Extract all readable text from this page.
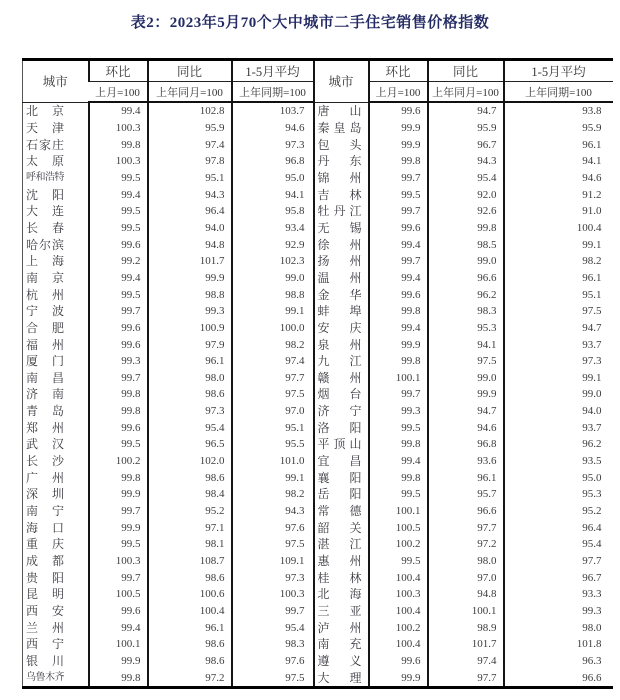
表2：2023年5月70个大中城市二手住宅销售价格指数
城市	环比	同比	1-5月平均	城市	环比	同比	1-5月平均
	上月=100	上年同月=100	上年同期=100		上月=100	上年同月=100	上年同期=100

北 京	99.4	102.8	103.7	唐 山	99.6	94.7	93.8

天 津	100.3	95.9	94.6	秦 皇 岛	99.9	95.9	95.9

石 家 庄	99.8	97.4	97.3	包 头	99.9	96.7	96.1

太 原	100.3	97.8	96.8	丹 东	99.8	94.3	94.1

呼 和 浩 特	99.5	95.1	95.0	锦 州	99.7	95.4	94.6

沈 阳	99.4	94.3	94.1	吉 林	99.5	92.0	91.2

大 连	99.5	96.4	95.8	牡 丹 江	99.7	92.6	91.0

长 春	99.5	94.0	93.4	无 锡	99.6	99.8	100.4

哈 尔 滨	99.6	94.8	92.9	徐 州	99.4	98.5	99.1

上 海	99.2	101.7	102.3	扬 州	99.7	99.0	98.2

南 京	99.4	99.9	99.0	温 州	99.4	96.6	96.1

杭 州	99.5	98.8	98.8	金 华	99.6	96.2	95.1

宁 波	99.7	99.3	99.1	蚌 埠	99.8	98.3	97.5

合 肥	99.6	100.9	100.0	安 庆	99.4	95.3	94.7

福 州	99.6	97.9	98.2	泉 州	99.9	94.1	93.7

厦 门	99.3	96.1	97.4	九 江	99.8	97.5	97.3

南 昌	99.7	98.0	97.7	赣 州	100.1	99.0	99.1

济 南	99.8	98.6	97.5	烟 台	99.7	99.9	99.0

青 岛	99.8	97.3	97.0	济 宁	99.3	94.7	94.0

郑 州	99.6	95.4	95.1	洛 阳	99.5	94.6	93.7

武 汉	99.5	96.5	95.5	平 顶 山	99.8	96.8	96.2

长 沙	100.2	102.0	101.0	宜 昌	99.4	93.6	93.5

广 州	99.8	98.6	99.1	襄 阳	99.8	96.1	95.0

深 圳	99.9	98.4	98.2	岳 阳	99.5	95.7	95.3

南 宁	99.7	95.2	94.3	常 德	100.1	96.6	95.2

海 口	99.9	97.1	97.6	韶 关	100.5	97.7	96.4

重 庆	99.5	98.1	97.5	湛 江	100.2	97.2	95.4

成 都	100.3	108.7	109.1	惠 州	99.5	98.0	97.7

贵 阳	99.7	98.6	97.3	桂 林	100.4	97.0	96.7

昆 明	100.5	100.6	100.3	北 海	100.3	94.8	93.3

西 安	99.6	100.4	99.7	三 亚	100.4	100.1	99.3

兰 州	99.4	96.1	95.4	泸 州	100.2	98.9	98.0

西 宁	100.1	98.6	98.3	南 充	100.4	101.7	101.8

银 川	99.9	98.6	97.6	遵 义	99.6	97.4	96.3

乌 鲁 木 齐	99.8	97.2	97.5	大 理	99.9	97.7	96.6
